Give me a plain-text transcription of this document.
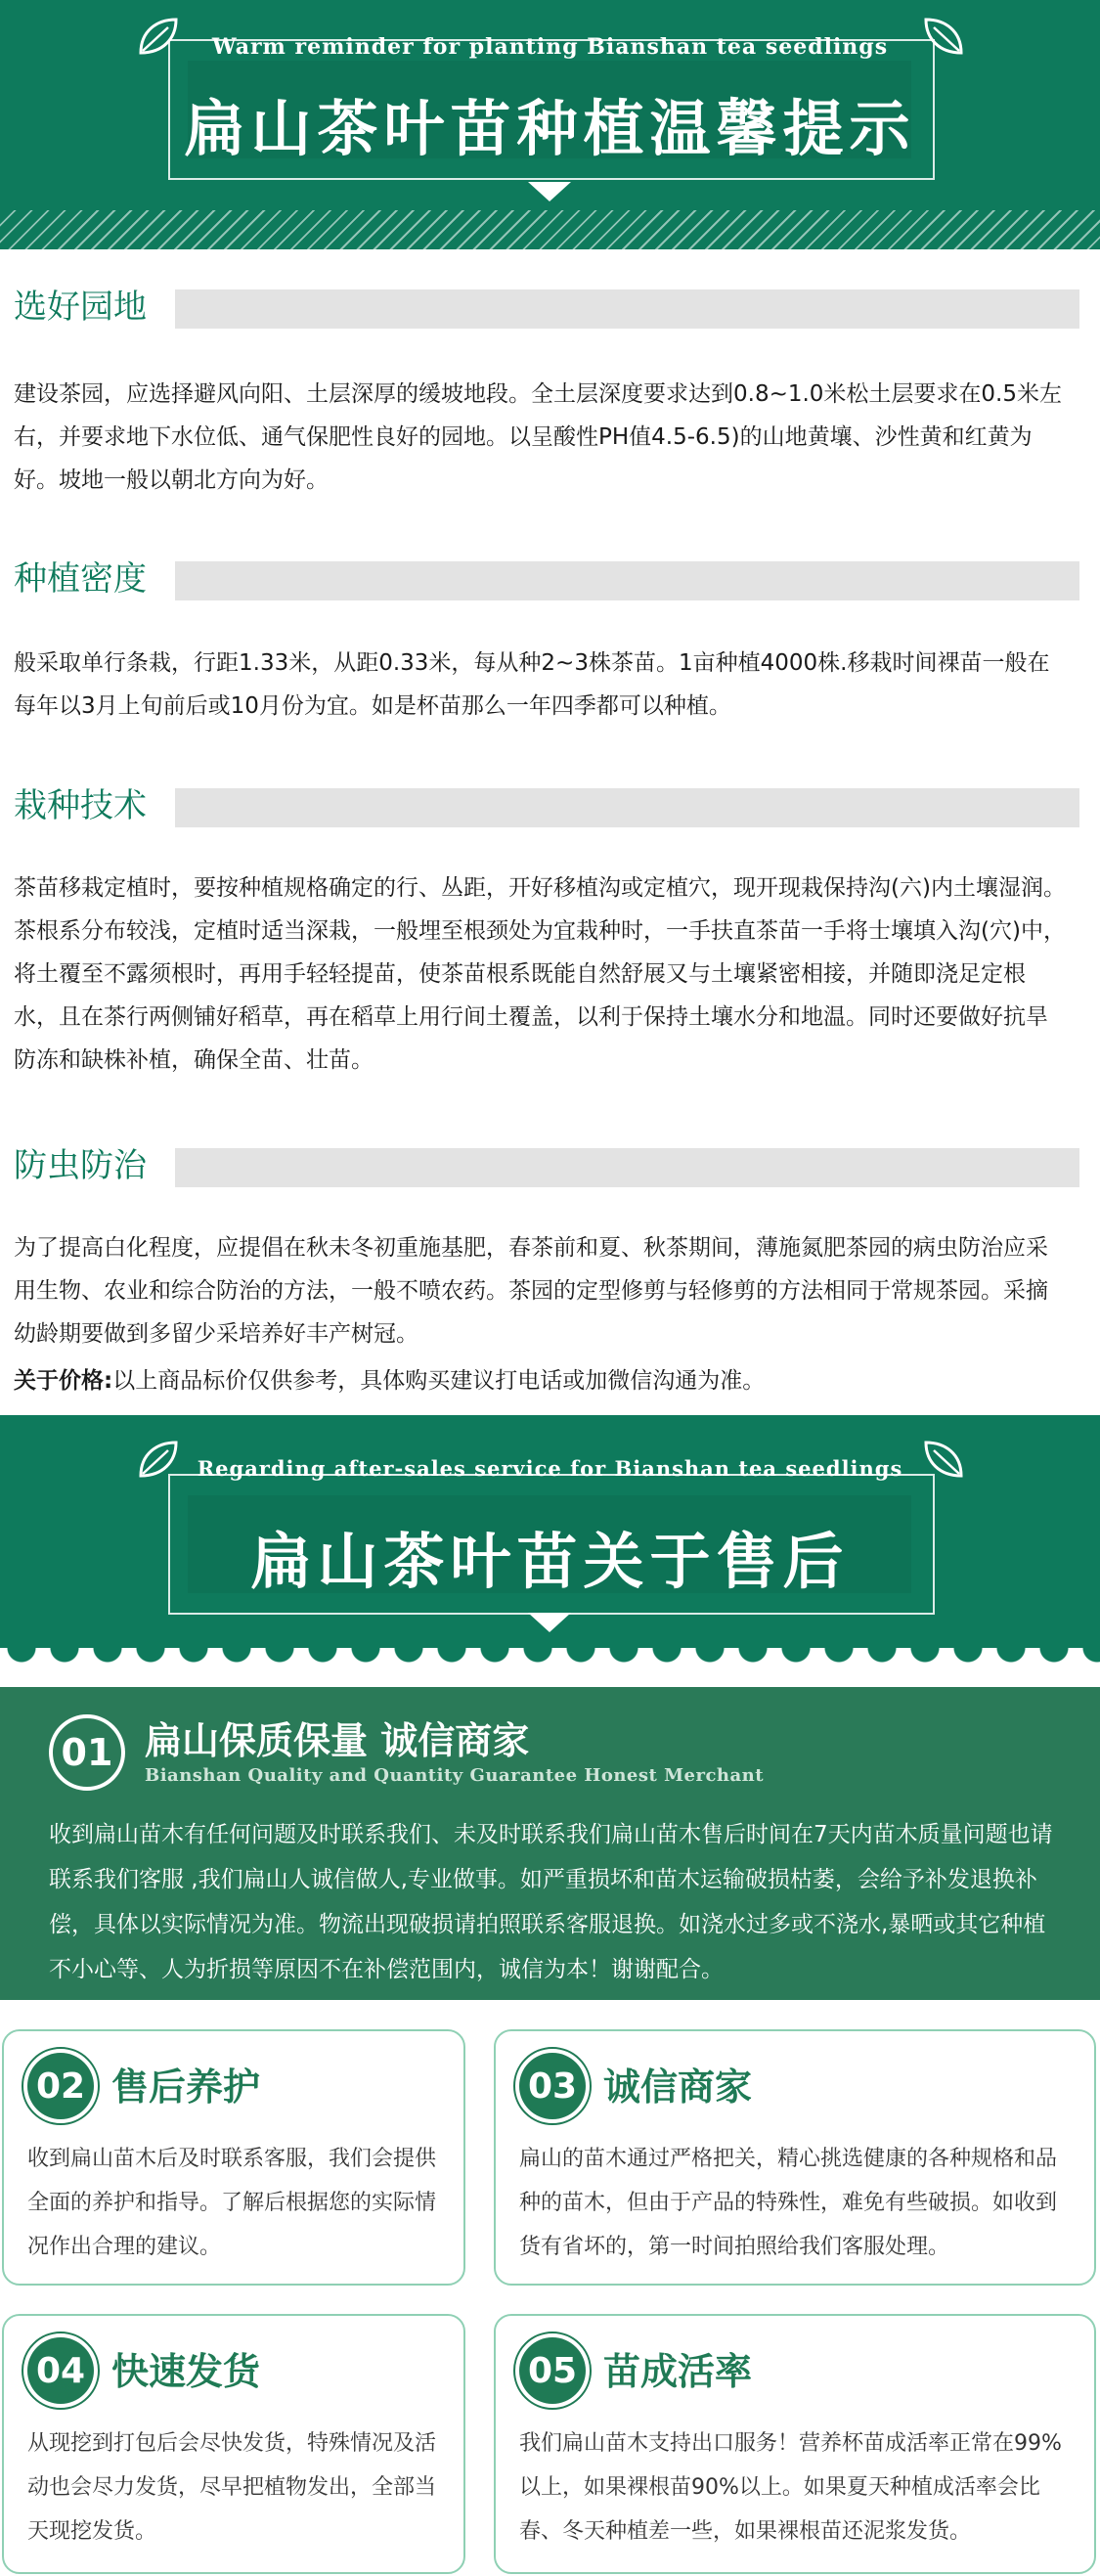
Warm reminder for planting Bianshan tea seedlings
扁山茶叶苗种植温馨提示
选好园地
建设茶园，应选择避风向阳、土层深厚的缓坡地段。全土层深度要求达到0.8~1.0米松土层要求在0.5米左右，并要求地下水位低、通气保肥性良好的园地。以呈酸性PH值4.5-6.5)的山地黄壤、沙性黄和红黄为好。坡地一般以朝北方向为好。
种植密度
般采取单行条栽，行距1.33米，从距0.33米，每从种2~3株茶苗。1亩种植4000株.移栽时间裸苗一般在每年以3月上旬前后或10月份为宜。如是杯苗那么一年四季都可以种植。
栽种技术
茶苗移栽定植时，要按种植规格确定的行、丛距，开好移植沟或定植穴，现开现栽保持沟(六)内土壤湿润。茶根系分布较浅，定植时适当深栽，一般埋至根颈处为宜栽种时，一手扶直茶苗一手将士壤填入沟(穴)中，将土覆至不露须根时，再用手轻轻提苗，使茶苗根系既能自然舒展又与土壤紧密相接，并随即浇足定根水，且在茶行两侧铺好稻草，再在稻草上用行间土覆盖，以利于保持土壤水分和地温。同时还要做好抗旱防冻和缺株补植，确保全苗、壮苗。
防虫防治
为了提高白化程度，应提倡在秋未冬初重施基肥，春茶前和夏、秋茶期间，薄施氮肥茶园的病虫防治应采用生物、农业和综合防治的方法，一般不喷农药。茶园的定型修剪与轻修剪的方法相同于常规茶园。采摘幼龄期要做到多留少采培养好丰产树冠。
关于价格:以上商品标价仅供参考，具体购买建议打电话或加微信沟通为准。
Regarding after-sales service for Bianshan tea seedlings
扁山茶叶苗关于售后
01 扁山保质保量 诚信商家
Bianshan Quality and Quantity Guarantee Honest Merchant
收到扁山苗木有任何问题及时联系我们、未及时联系我们扁山苗木售后时间在7天内苗木质量问题也请联系我们客服 ,我们扁山人诚信做人,专业做事。如严重损坏和苗木运输破损枯萎，会给予补发退换补偿，具体以实际情况为准。物流出现破损请拍照联系客服退换。如浇水过多或不浇水,暴晒或其它种植不小心等、人为折损等原因不在补偿范围内，诚信为本！谢谢配合。
02 售后养护
收到扁山苗木后及时联系客服，我们会提供全面的养护和指导。了解后根据您的实际情况作出合理的建议。
03 诚信商家
扁山的苗木通过严格把关，精心挑选健康的各种规格和品种的苗木，但由于产品的特殊性，难免有些破损。如收到货有省坏的，第一时间拍照给我们客服处理。
04 快速发货
从现挖到打包后会尽快发货，特殊情况及活动也会尽力发货，尽早把植物发出，全部当天现挖发货。
05 苗成活率
我们扁山苗木支持出口服务！营养杯苗成活率正常在99%以上，如果裸根苗90%以上。如果夏天种植成活率会比春、冬天种植差一些，如果裸根苗还泥浆发货。
